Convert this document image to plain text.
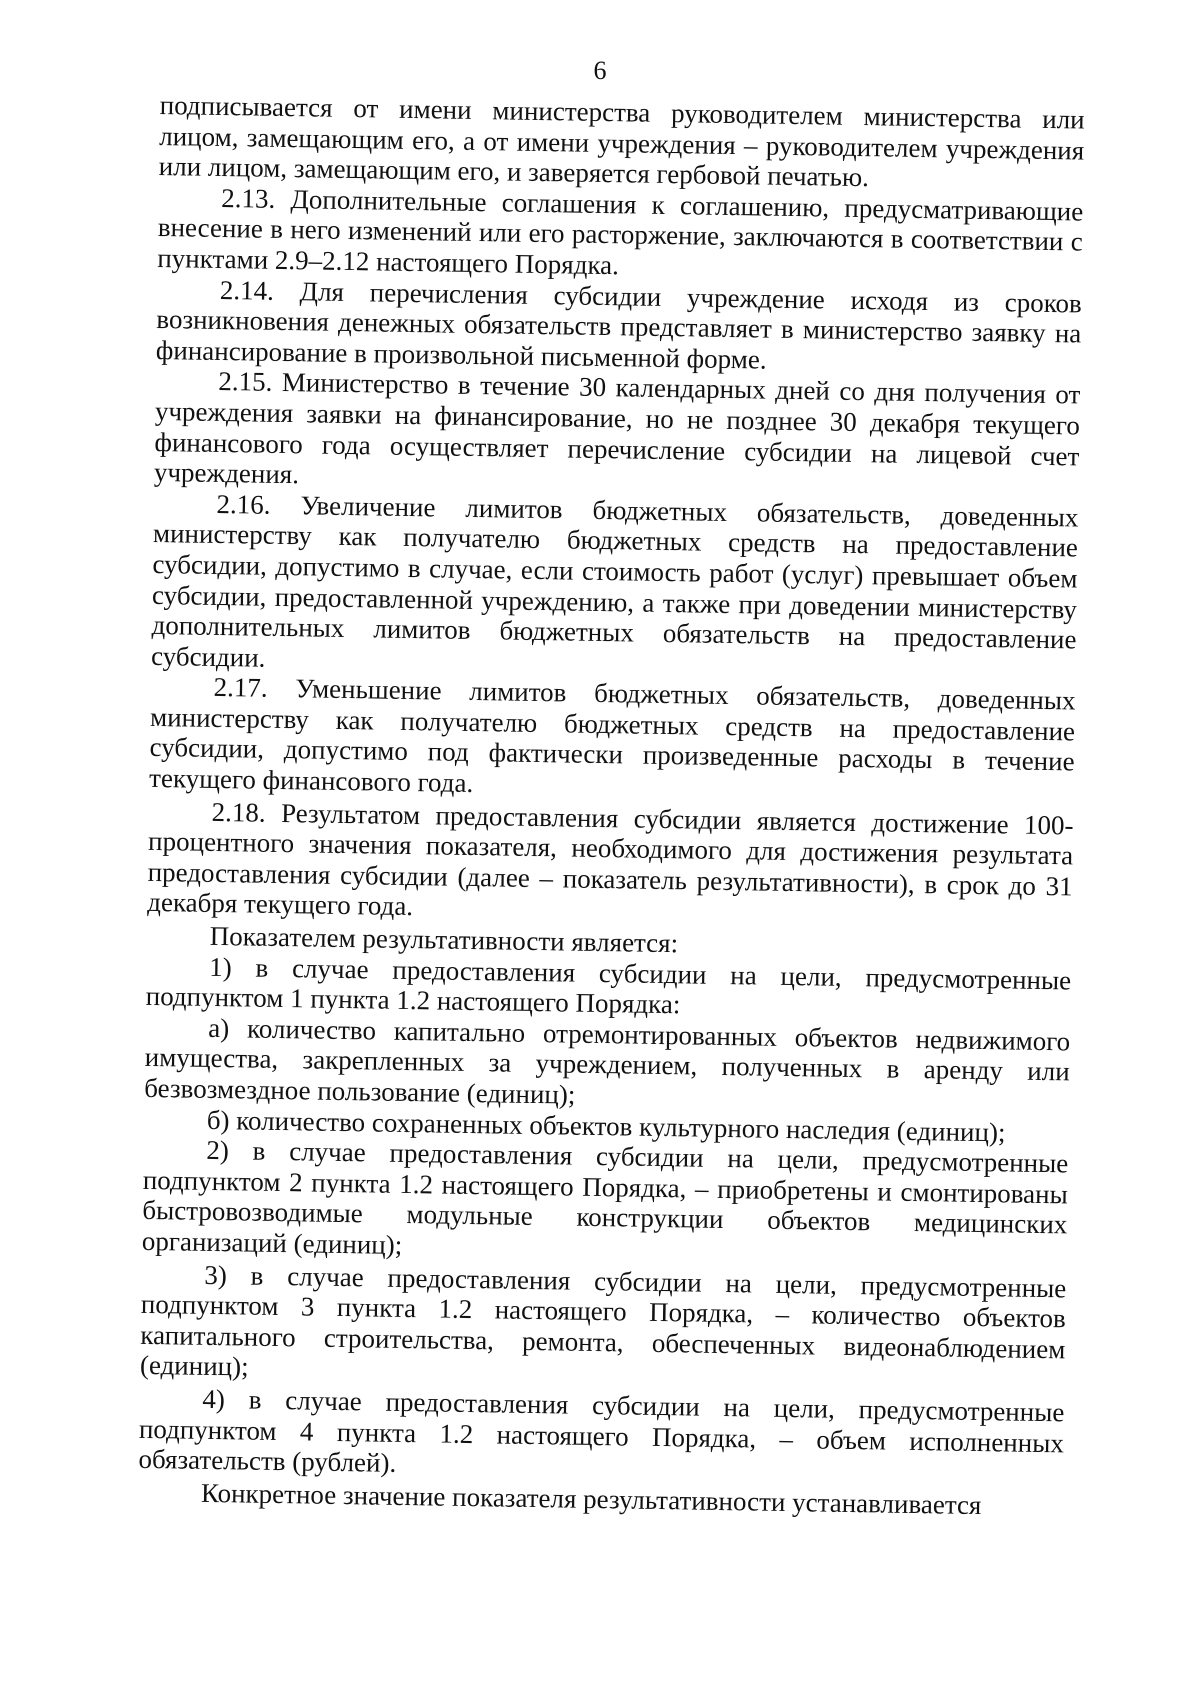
6

подписывается от имени министерства руководителем министерства или лицом, замещающим его, а от имени учреждения – руководителем учреждения или лицом, замещающим его, и заверяется гербовой печатью.

2.13. Дополнительные соглашения к соглашению, предусматривающие внесение в него изменений или его расторжение, заключаются в соответствии с пунктами 2.9–2.12 настоящего Порядка.

2.14. Для перечисления субсидии учреждение исходя из сроков возникновения денежных обязательств представляет в министерство заявку на финансирование в произвольной письменной форме.

2.15. Министерство в течение 30 календарных дней со дня получения от учреждения заявки на финансирование, но не позднее 30 декабря текущего финансового года осуществляет перечисление субсидии на лицевой счет учреждения.

2.16. Увеличение лимитов бюджетных обязательств, доведенных министерству как получателю бюджетных средств на предоставление субсидии, допустимо в случае, если стоимость работ (услуг) превышает объем субсидии, предоставленной учреждению, а также при доведении министерству дополнительных лимитов бюджетных обязательств на предоставление субсидии.

2.17. Уменьшение лимитов бюджетных обязательств, доведенных министерству как получателю бюджетных средств на предоставление субсидии, допустимо под фактически произведенные расходы в течение текущего финансового года.

2.18. Результатом предоставления субсидии является достижение 100-процентного значения показателя, необходимого для достижения результата предоставления субсидии (далее – показатель результативности), в срок до 31 декабря текущего года.

Показателем результативности является:

1) в случае предоставления субсидии на цели, предусмотренные подпунктом 1 пункта 1.2 настоящего Порядка:

а) количество капитально отремонтированных объектов недвижимого имущества, закрепленных за учреждением, полученных в аренду или безвозмездное пользование (единиц);

б) количество сохраненных объектов культурного наследия (единиц);

2) в случае предоставления субсидии на цели, предусмотренные подпунктом 2 пункта 1.2 настоящего Порядка, – приобретены и смонтированы быстровозводимые модульные конструкции объектов медицинских организаций (единиц);

3) в случае предоставления субсидии на цели, предусмотренные подпунктом 3 пункта 1.2 настоящего Порядка, – количество объектов капитального строительства, ремонта, обеспеченных видеонаблюдением (единиц);

4) в случае предоставления субсидии на цели, предусмотренные подпунктом 4 пункта 1.2 настоящего Порядка, – объем исполненных обязательств (рублей).

Конкретное значение показателя результативности устанавливается
